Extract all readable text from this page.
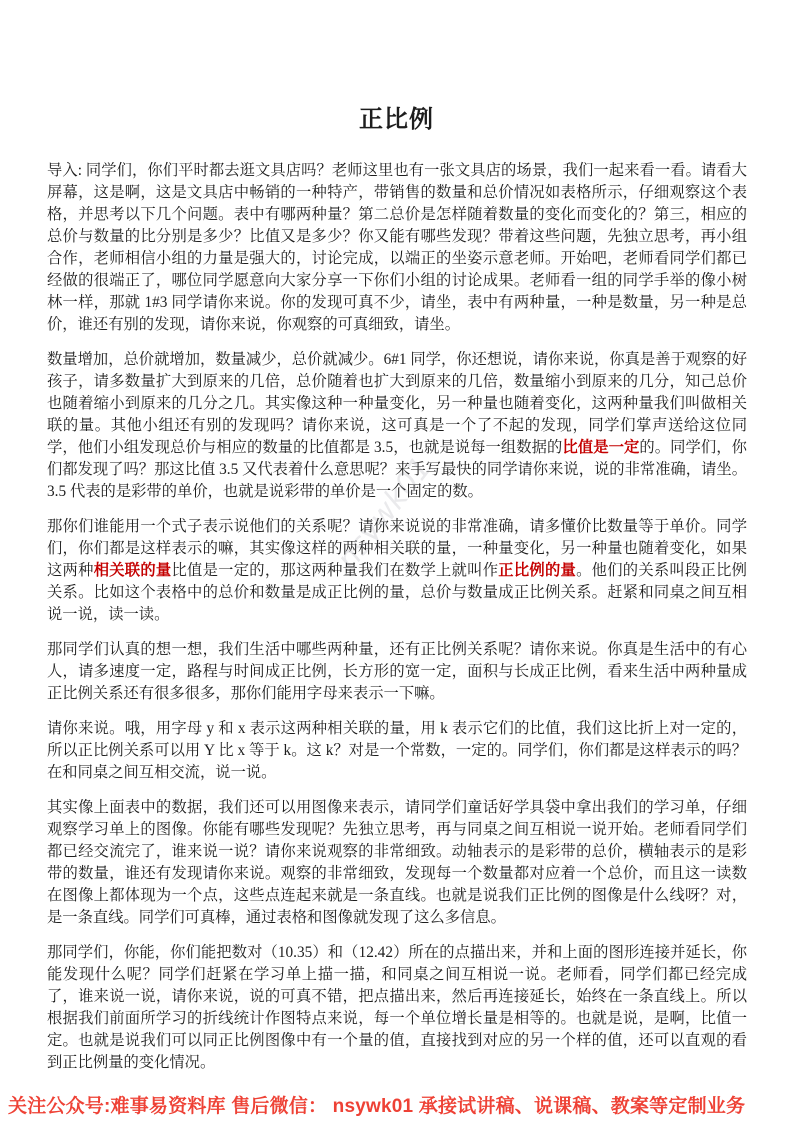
正比例

导入: 同学们，你们平时都去逛文具店吗？老师这里也有一张文具店的场景，我们一起来看一看。请看大屏幕，这是啊，这是文具店中畅销的一种特产，带销售的数量和总价情况如表格所示，仔细观察这个表格，并思考以下几个问题。表中有哪两种量？第二总价是怎样随着数量的变化而变化的？第三，相应的总价与数量的比分别是多少？比值又是多少？你又能有哪些发现？带着这些问题，先独立思考，再小组合作，老师相信小组的力量是强大的，讨论完成，以端正的坐姿示意老师。开始吧，老师看同学们都已经做的很端正了，哪位同学愿意向大家分享一下你们小组的讨论成果。老师看一组的同学手举的像小树林一样，那就 1#3 同学请你来说。你的发现可真不少，请坐，表中有两种量，一种是数量，另一种是总价，谁还有别的发现，请你来说，你观察的可真细致，请坐。

数量增加，总价就增加，数量减少，总价就减少。6#1 同学，你还想说，请你来说，你真是善于观察的好孩子，请多数量扩大到原来的几倍，总价随着也扩大到原来的几倍，数量缩小到原来的几分，知己总价也随着缩小到原来的几分之几。其实像这种一种量变化，另一种量也随着变化，这两种量我们叫做相关联的量。其他小组还有别的发现吗？请你来说，这可真是一个了不起的发现，同学们掌声送给这位同学，他们小组发现总价与相应的数量的比值都是 3.5，也就是说每一组数据的比值是一定的。同学们，你们都发现了吗？那这比值 3.5 又代表着什么意思呢？来手写最快的同学请你来说，说的非常准确，请坐。3.5 代表的是彩带的单价，也就是说彩带的单价是一个固定的数。

那你们谁能用一个式子表示说他们的关系呢？请你来说说的非常准确，请多懂价比数量等于单价。同学们，你们都是这样表示的嘛，其实像这样的两种相关联的量，一种量变化，另一种量也随着变化，如果这两种相关联的量比值是一定的，那这两种量我们在数学上就叫作正比例的量。他们的关系叫段正比例关系。比如这个表格中的总价和数量是成正比例的量，总价与数量成正比例关系。赶紧和同桌之间互相说一说，读一读。

那同学们认真的想一想，我们生活中哪些两种量，还有正比例关系呢？请你来说。你真是生活中的有心人，请多速度一定，路程与时间成正比例，长方形的宽一定，面积与长成正比例，看来生活中两种量成正比例关系还有很多很多，那你们能用字母来表示一下嘛。

请你来说。哦，用字母 y 和 x 表示这两种相关联的量，用 k 表示它们的比值，我们这比折上对一定的，所以正比例关系可以用 Y 比 x 等于 k。这 k？对是一个常数，一定的。同学们，你们都是这样表示的吗？在和同桌之间互相交流，说一说。

其实像上面表中的数据，我们还可以用图像来表示，请同学们童话好学具袋中拿出我们的学习单，仔细观察学习单上的图像。你能有哪些发现呢？先独立思考，再与同桌之间互相说一说开始。老师看同学们都已经交流完了，谁来说一说？请你来说观察的非常细致。动轴表示的是彩带的总价，横轴表示的是彩带的数量，谁还有发现请你来说。观察的非常细致，发现每一个数量都对应着一个总价，而且这一读数在图像上都体现为一个点，这些点连起来就是一条直线。也就是说我们正比例的图像是什么线呀？对，是一条直线。同学们可真棒，通过表格和图像就发现了这么多信息。

那同学们，你能，你们能把数对（10.35）和（12.42）所在的点描出来，并和上面的图形连接并延长，你能发现什么呢？同学们赶紧在学习单上描一描，和同桌之间互相说一说。老师看，同学们都已经完成了，谁来说一说，请你来说，说的可真不错，把点描出来，然后再连接延长，始终在一条直线上。所以根据我们前面所学习的折线统计作图特点来说，每一个单位增长量是相等的。也就是说，是啊，比值一定。也就是说我们可以同正比例图像中有一个量的值，直接找到对应的另一个样的值，还可以直观的看到正比例量的变化情况。

nsywk01
关注公众号:难事易资料库 售后微信： nsywk01 承接试讲稿、说课稿、教案等定制业务
